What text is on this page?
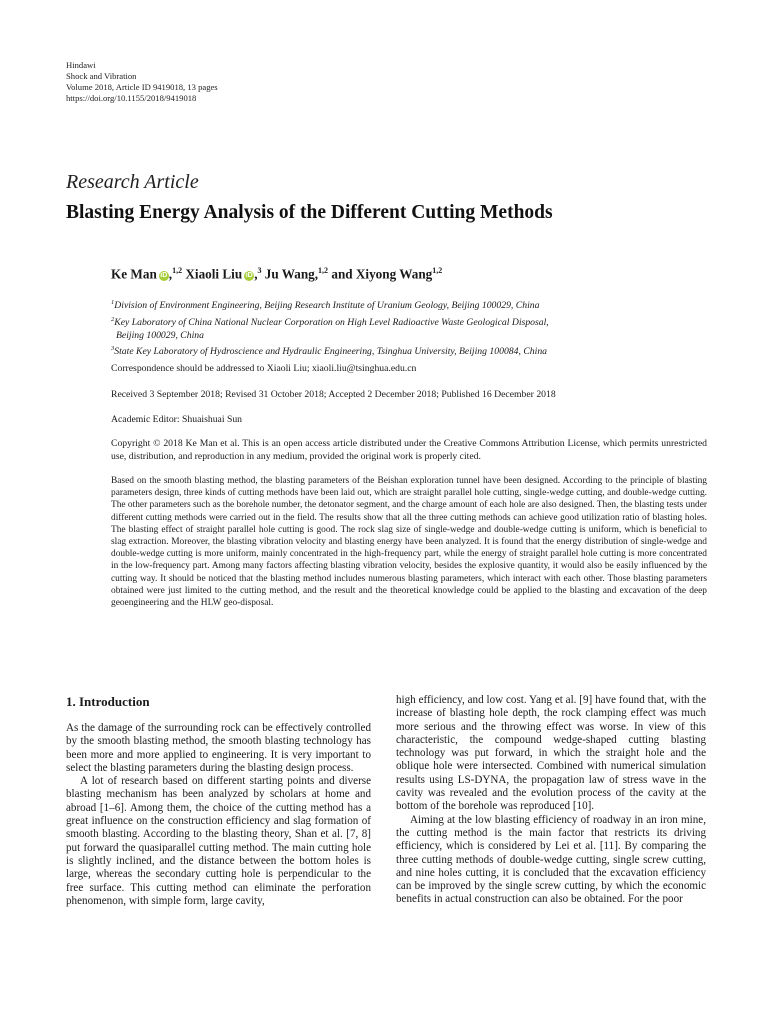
Hindawi
Shock and Vibration
Volume 2018, Article ID 9419018, 13 pages
https://doi.org/10.1155/2018/9419018
Research Article
Blasting Energy Analysis of the Different Cutting Methods
Ke Man iD ,$^{1,2}$ Xiaoli Liu iD ,$^3$ Ju Wang,$^{1,2}$ and Xiyong Wang$^{1,2}$
$^1$Division of Environment Engineering, Beijing Research Institute of Uranium Geology, Beijing 100029, China
$^2$Key Laboratory of China National Nuclear Corporation on High Level Radioactive Waste Geological Disposal,
Beijing 100029, China
$^3$State Key Laboratory of Hydroscience and Hydraulic Engineering, Tsinghua University, Beijing 100084, China
Correspondence should be addressed to Xiaoli Liu; xiaoli.liu@tsinghua.edu.cn
Received 3 September 2018; Revised 31 October 2018; Accepted 2 December 2018; Published 16 December 2018
Academic Editor: Shuaishuai Sun
Copyright © 2018 Ke Man et al. This is an open access article distributed under the Creative Commons Attribution License, which permits unrestricted use, distribution, and reproduction in any medium, provided the original work is properly cited.
Based on the smooth blasting method, the blasting parameters of the Beishan exploration tunnel have been designed. According to the principle of blasting parameters design, three kinds of cutting methods have been laid out, which are straight parallel hole cutting, single-wedge cutting, and double-wedge cutting. The other parameters such as the borehole number, the detonator segment, and the charge amount of each hole are also designed. Then, the blasting tests under different cutting methods were carried out in the field. The results show that all the three cutting methods can achieve good utilization ratio of blasting holes. The blasting effect of straight parallel hole cutting is good. The rock slag size of single-wedge and double-wedge cutting is uniform, which is beneficial to slag extraction. Moreover, the blasting vibration velocity and blasting energy have been analyzed. It is found that the energy distribution of single-wedge and double-wedge cutting is more uniform, mainly concentrated in the high-frequency part, while the energy of straight parallel hole cutting is more concentrated in the low-frequency part. Among many factors affecting blasting vibration velocity, besides the explosive quantity, it would also be easily influenced by the cutting way. It should be noticed that the blasting method includes numerous blasting parameters, which interact with each other. Those blasting parameters obtained were just limited to the cutting method, and the result and the theoretical knowledge could be applied to the blasting and excavation of the deep geoengineering and the HLW geo-disposal.
1. Introduction

As the damage of the surrounding rock can be effectively controlled by the smooth blasting method, the smooth blasting technology has been more and more applied to engineering. It is very important to select the blasting parameters during the blasting design process.

A lot of research based on different starting points and diverse blasting mechanism has been analyzed by scholars at home and abroad [1–6]. Among them, the choice of the cutting method has a great influence on the construction efficiency and slag formation of smooth blasting. According to the blasting theory, Shan et al. [7, 8] put forward the quasiparallel cutting method. The main cutting hole is slightly inclined, and the distance between the bottom holes is large, whereas the secondary cutting hole is perpendicular to the free surface. This cutting method can eliminate the perforation phenomenon, with simple form, large cavity,

high efficiency, and low cost. Yang et al. [9] have found that, with the increase of blasting hole depth, the rock clamping effect was much more serious and the throwing effect was worse. In view of this characteristic, the compound wedge-shaped cutting blasting technology was put forward, in which the straight hole and the oblique hole were intersected. Combined with numerical simulation results using LS-DYNA, the propagation law of stress wave in the cavity was revealed and the evolution process of the cavity at the bottom of the borehole was reproduced [10].

Aiming at the low blasting efficiency of roadway in an iron mine, the cutting method is the main factor that restricts its driving efficiency, which is considered by Lei et al. [11]. By comparing the three cutting methods of double-wedge cutting, single screw cutting, and nine holes cutting, it is concluded that the excavation efficiency can be improved by the single screw cutting, by which the economic benefits in actual construction can also be obtained. For the poor
